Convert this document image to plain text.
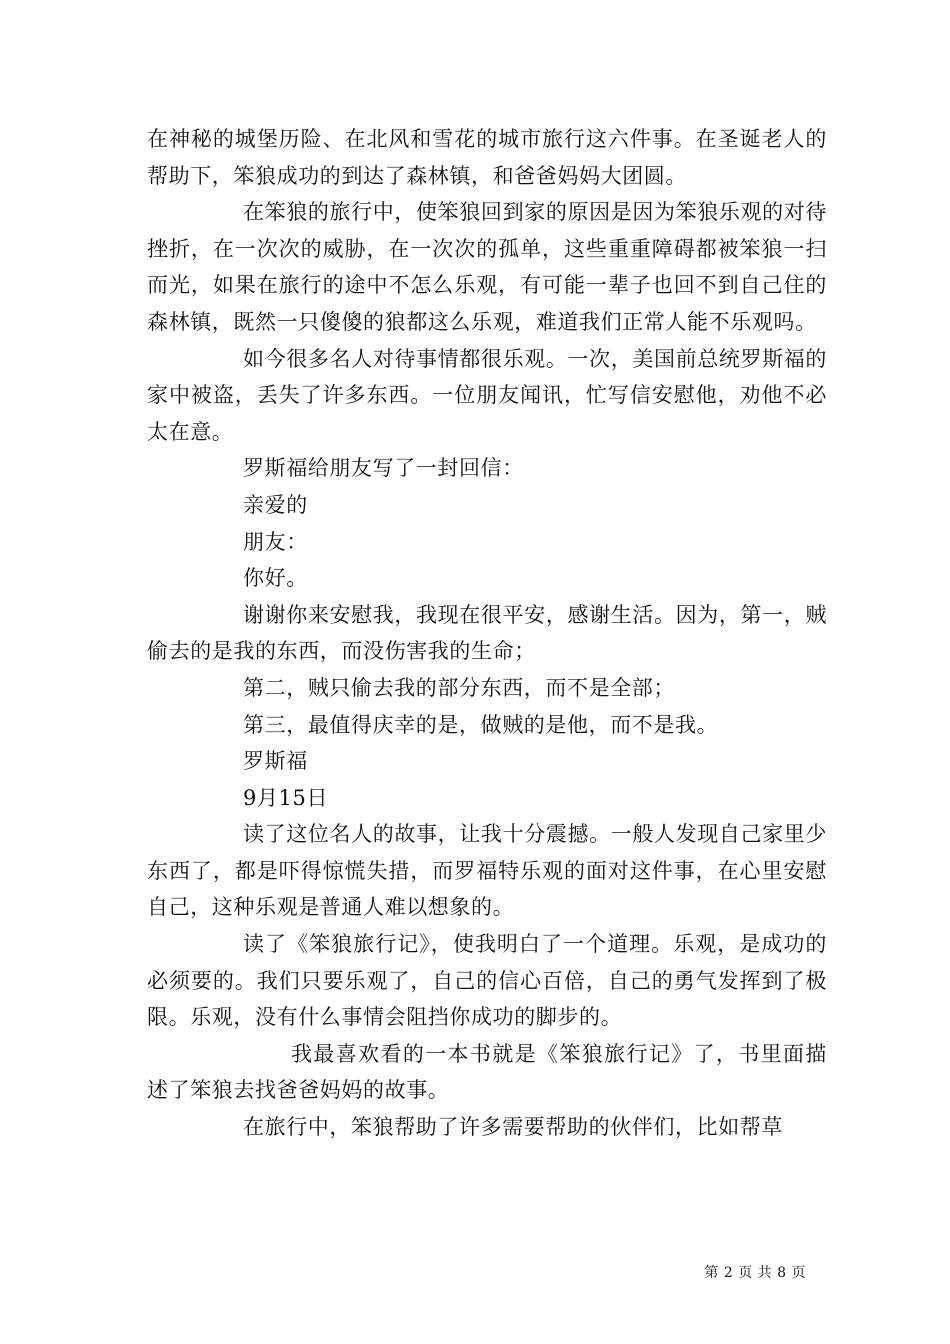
在神秘的城堡历险、在北风和雪花的城市旅行这六件事。在圣诞老人的帮助下，笨狼成功的到达了森林镇，和爸爸妈妈大团圆。

在笨狼的旅行中，使笨狼回到家的原因是因为笨狼乐观的对待挫折，在一次次的威胁，在一次次的孤单，这些重重障碍都被笨狼一扫而光，如果在旅行的途中不怎么乐观，有可能一辈子也回不到自己住的森林镇，既然一只傻傻的狼都这么乐观，难道我们正常人能不乐观吗。

如今很多名人对待事情都很乐观。一次，美国前总统罗斯福的家中被盗，丢失了许多东西。一位朋友闻讯，忙写信安慰他，劝他不必太在意。

罗斯福给朋友写了一封回信：

亲爱的

朋友：

你好。

谢谢你来安慰我，我现在很平安，感谢生活。因为，第一，贼偷去的是我的东西，而没伤害我的生命；

第二，贼只偷去我的部分东西，而不是全部；

第三，最值得庆幸的是，做贼的是他，而不是我。

罗斯福

9月15日

读了这位名人的故事，让我十分震撼。一般人发现自己家里少东西了，都是吓得惊慌失措，而罗福特乐观的面对这件事，在心里安慰自己，这种乐观是普通人难以想象的。

读了《笨狼旅行记》，使我明白了一个道理。乐观，是成功的必须要的。我们只要乐观了，自己的信心百倍，自己的勇气发挥到了极限。乐观，没有什么事情会阻挡你成功的脚步的。

我最喜欢看的一本书就是《笨狼旅行记》了，书里面描述了笨狼去找爸爸妈妈的故事。

在旅行中，笨狼帮助了许多需要帮助的伙伴们，比如帮草

第 2 页 共 8 页
